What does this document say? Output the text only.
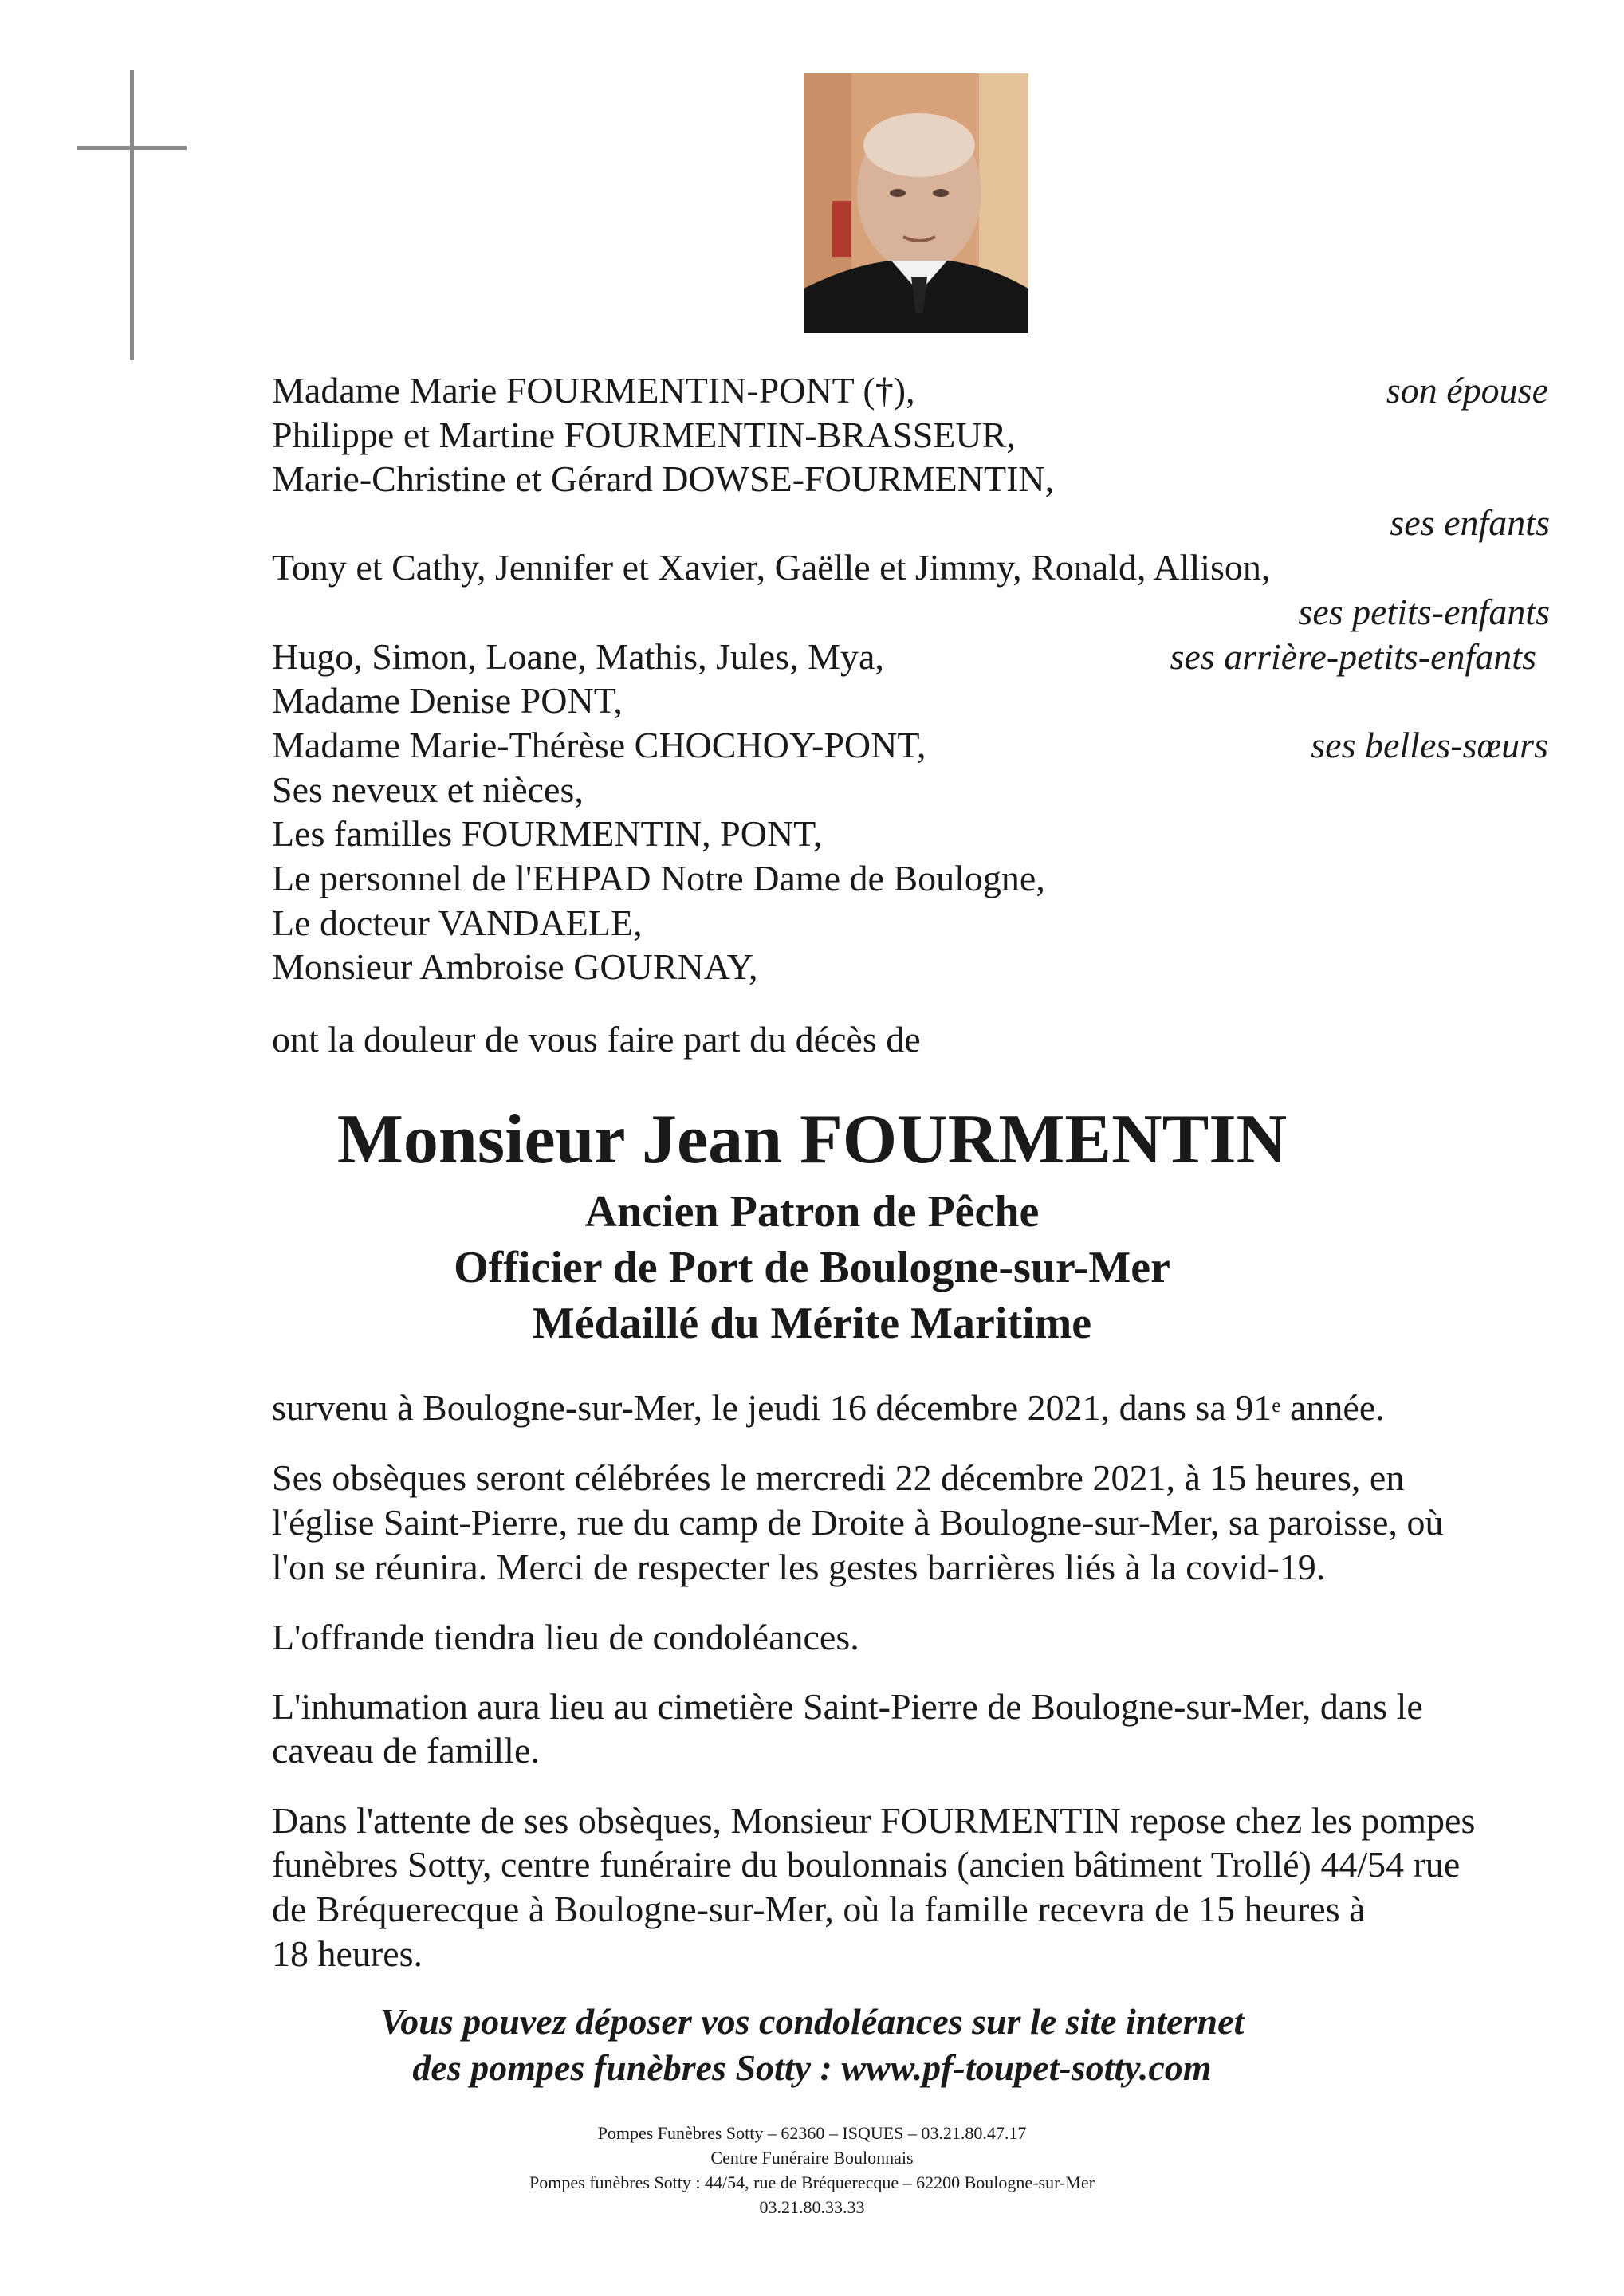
Madame Marie FOURMENTIN-PONT (†),	son épouse
Philippe et Martine FOURMENTIN-BRASSEUR,
Marie-Christine et Gérard DOWSE-FOURMENTIN,
ses enfants
Tony et Cathy, Jennifer et Xavier, Gaëlle et Jimmy, Ronald, Allison,
ses petits-enfants
Hugo, Simon, Loane, Mathis, Jules, Mya,	ses arrière-petits-enfants
Madame Denise PONT,
Madame Marie-Thérèse CHOCHOY-PONT,	ses belles-sœurs
Ses neveux et nièces,
Les familles FOURMENTIN, PONT,
Le personnel de l'EHPAD Notre Dame de Boulogne,
Le docteur VANDAELE,
Monsieur Ambroise GOURNAY,
ont la douleur de vous faire part du décès de
Monsieur Jean FOURMENTIN
Ancien Patron de Pêche
Officier de Port de Boulogne-sur-Mer
Médaillé du Mérite Maritime
survenu à Boulogne-sur-Mer, le jeudi 16 décembre 2021, dans sa 91e année.
Ses obsèques seront célébrées le mercredi 22 décembre 2021, à 15 heures, en
l'église Saint-Pierre, rue du camp de Droite à Boulogne-sur-Mer, sa paroisse, où
l'on se réunira. Merci de respecter les gestes barrières liés à la covid-19.
L'offrande tiendra lieu de condoléances.
L'inhumation aura lieu au cimetière Saint-Pierre de Boulogne-sur-Mer, dans le
caveau de famille.
Dans l'attente de ses obsèques, Monsieur FOURMENTIN repose chez les pompes
funèbres Sotty, centre funéraire du boulonnais (ancien bâtiment Trollé) 44/54 rue
de Bréquerecque à Boulogne-sur-Mer, où la famille recevra de 15 heures à
18 heures.
Vous pouvez déposer vos condoléances sur le site internet
des pompes funèbres Sotty : www.pf-toupet-sotty.com
Pompes Funèbres Sotty – 62360 – ISQUES – 03.21.80.47.17
Centre Funéraire Boulonnais
Pompes funèbres Sotty : 44/54, rue de Bréquerecque – 62200 Boulogne-sur-Mer
03.21.80.33.33
